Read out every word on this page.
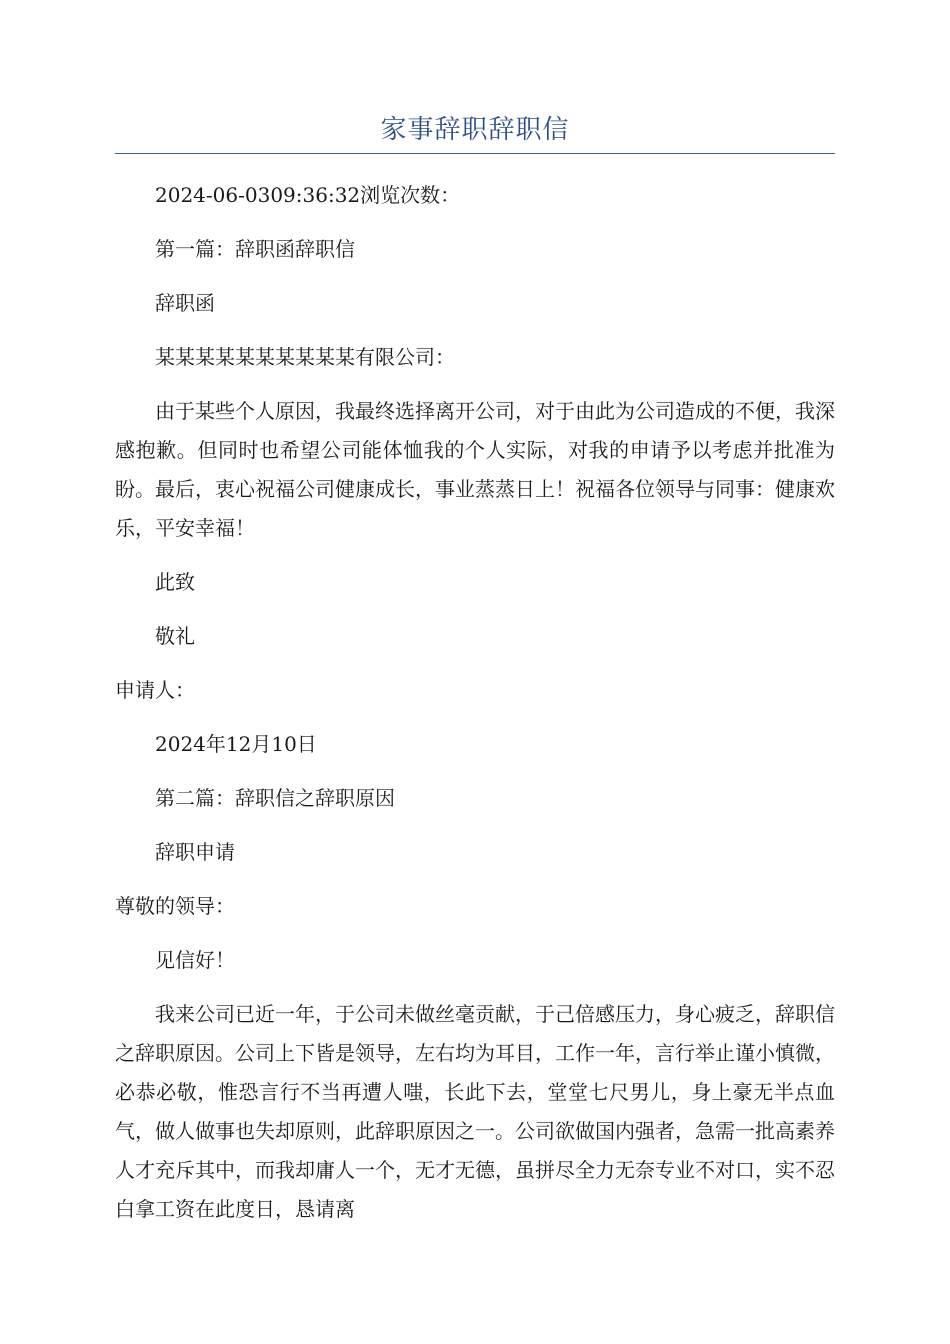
家事辞职辞职信

2024-06-0309:36:32浏览次数：

第一篇：辞职函辞职信

辞职函

某某某某某某某某某某有限公司：

由于某些个人原因，我最终选择离开公司，对于由此为公司造成的不便，我深感抱歉。但同时也希望公司能体恤我的个人实际，对我的申请予以考虑并批准为盼。最后，衷心祝福公司健康成长，事业蒸蒸日上！祝福各位领导与同事：健康欢乐，平安幸福！

此致

敬礼

申请人：

2024年12月10日

第二篇：辞职信之辞职原因

辞职申请

尊敬的领导：

见信好！

我来公司已近一年，于公司未做丝毫贡献，于己倍感压力，身心疲乏，辞职信之辞职原因。公司上下皆是领导，左右均为耳目，工作一年，言行举止谨小慎微，必恭必敬，惟恐言行不当再遭人嗤，长此下去，堂堂七尺男儿，身上豪无半点血气，做人做事也失却原则，此辞职原因之一。公司欲做国内强者，急需一批高素养人才充斥其中，而我却庸人一个，无才无德，虽拼尽全力无奈专业不对口，实不忍白拿工资在此度日，恳请离
